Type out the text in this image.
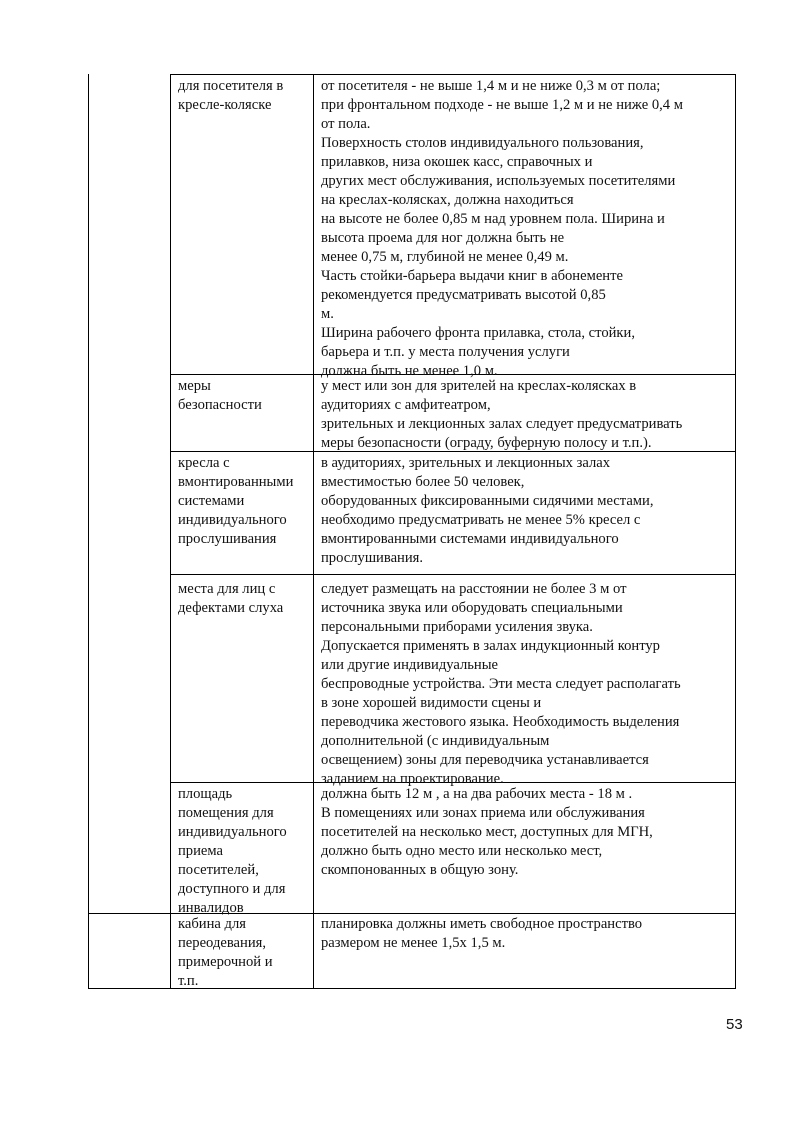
для посетителя в
кресле-коляске
от посетителя - не выше 1,4 м и не ниже 0,3 м от пола;
при фронтальном подходе - не выше 1,2 м и не ниже 0,4 м
от пола.
Поверхность столов индивидуального пользования,
прилавков, низа окошек касс, справочных и
других мест обслуживания, используемых посетителями
на креслах-колясках, должна находиться
на высоте не более 0,85 м над уровнем пола. Ширина и
высота проема для ног должна быть не
менее 0,75 м, глубиной не менее 0,49 м.
Часть стойки-барьера выдачи книг в абонементе
рекомендуется предусматривать высотой 0,85
м.
Ширина рабочего фронта прилавка, стола, стойки,
барьера и т.п. у места получения услуги
должна быть не менее 1,0 м.
меры
безопасности
у мест или зон для зрителей на креслах-колясках в
аудиториях с амфитеатром,
зрительных и лекционных залах следует предусматривать
меры безопасности (ограду, буферную полосу и т.п.).
кресла с
вмонтированными
системами
индивидуального
прослушивания
в аудиториях, зрительных и лекционных залах
вместимостью более 50 человек,
оборудованных фиксированными сидячими местами,
необходимо предусматривать не менее 5% кресел с
вмонтированными системами индивидуального
прослушивания.
места для лиц с
дефектами слуха
следует размещать на расстоянии не более 3 м от
источника звука или оборудовать специальными
персональными приборами усиления звука.
Допускается применять в залах индукционный контур
или другие индивидуальные
беспроводные устройства. Эти места следует располагать
в зоне хорошей видимости сцены и
переводчика жестового языка. Необходимость выделения
дополнительной (с индивидуальным
освещением) зоны для переводчика устанавливается
заданием на проектирование.
площадь
помещения для
индивидуального
приема
посетителей,
доступного и для
инвалидов
должна быть 12 м , а на два рабочих места - 18 м .
В помещениях или зонах приема или обслуживания
посетителей на несколько мест, доступных для МГН,
должно быть одно место или несколько мест,
скомпонованных в общую зону.
кабина для
переодевания,
примерочной и
т.п.
планировка должны иметь свободное пространство
размером не менее 1,5х 1,5 м.
53
